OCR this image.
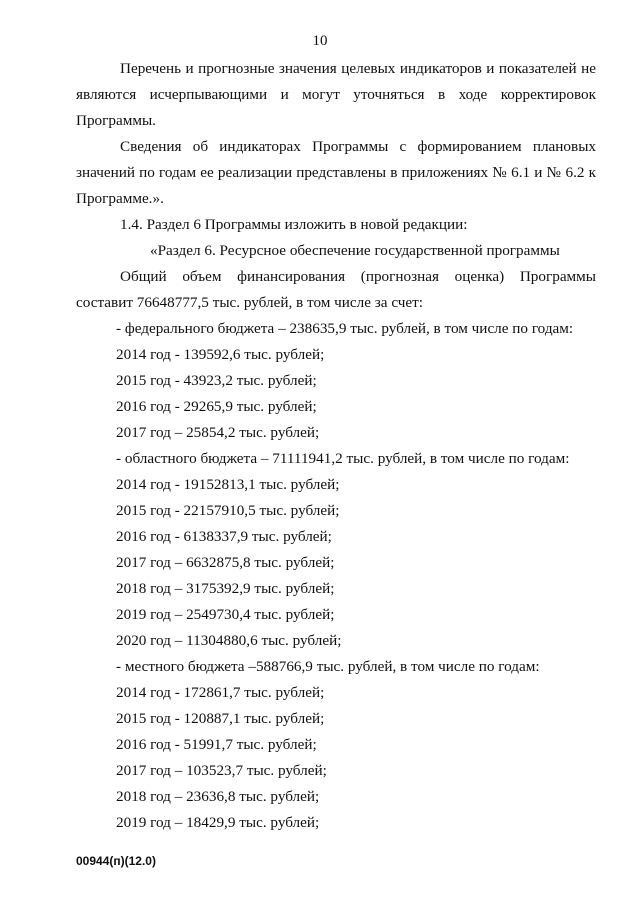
10

Перечень и прогнозные значения целевых индикаторов и показателей не являются исчерпывающими и могут уточняться в ходе корректировок Программы.

Сведения об индикаторах Программы с формированием плановых значений по годам ее реализации представлены в приложениях № 6.1 и № 6.2 к Программе.».

1.4. Раздел 6 Программы изложить в новой редакции:

«Раздел 6. Ресурсное обеспечение государственной программы

Общий объем финансирования (прогнозная оценка) Программы составит 76648777,5 тыс. рублей, в том числе за счет:

- федерального бюджета – 238635,9 тыс. рублей, в том числе по годам:

2014 год - 139592,6 тыс. рублей;

2015 год - 43923,2 тыс. рублей;

2016 год - 29265,9 тыс. рублей;

2017 год – 25854,2 тыс. рублей;

- областного бюджета – 71111941,2 тыс. рублей, в том числе по годам:

2014 год - 19152813,1 тыс. рублей;

2015 год - 22157910,5 тыс. рублей;

2016 год - 6138337,9 тыс. рублей;

2017 год – 6632875,8 тыс. рублей;

2018 год – 3175392,9 тыс. рублей;

2019 год – 2549730,4 тыс. рублей;

2020 год – 11304880,6 тыс. рублей;

- местного бюджета –588766,9 тыс. рублей, в том числе по годам:

2014 год - 172861,7 тыс. рублей;

2015 год - 120887,1 тыс. рублей;

2016 год - 51991,7 тыс. рублей;

2017 год – 103523,7 тыс. рублей;

2018 год – 23636,8 тыс. рублей;

2019 год – 18429,9 тыс. рублей;

00944(п)(12.0)
